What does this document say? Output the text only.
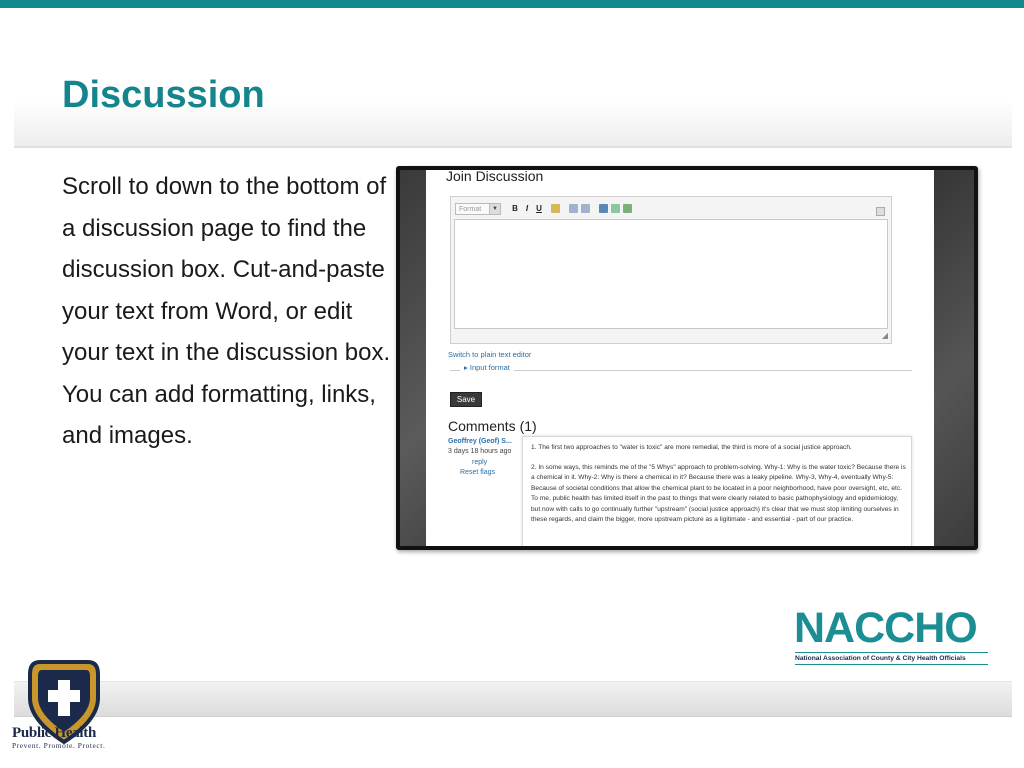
Discussion
Scroll to down to the bottom of a discussion page to find the discussion box. Cut-and-paste your text from Word, or edit your text in the discussion box. You can add formatting, links, and images.
Join Discussion
Format	▼	B I	U
◢
Switch to plain text editor
▸ Input format
Save
Comments (1)
Geoffrey (Geof) S...
3 days 18 hours ago
reply
Reset flags

1. The first two approaches to "water is toxic" are more remedial, the third is more of a social justice approach.

2. In some ways, this reminds me of the "5 Whys" approach to problem-solving. Why-1: Why is the water toxic? Because there is a chemical in it. Why-2: Why is there a chemical in it? Because there was a leaky pipeline. Why-3, Why-4, eventually Why-5: Because of societal conditions that allow the chemical plant to be located in a poor neighborhood, have poor oversight, etc, etc. To me, public health has limited itself in the past to things that were clearly related to basic pathophysiology and epidemiology, but now with calls to go continually further "upstream" (social justice approach) it's clear that we must stop limiting ourselves in these regards, and claim the bigger, more upstream picture as a ligitimate - and essential - part of our practice.

Public Health
Prevent. Promote. Protect.
NACCHO
National Association of County & City Health Officials
